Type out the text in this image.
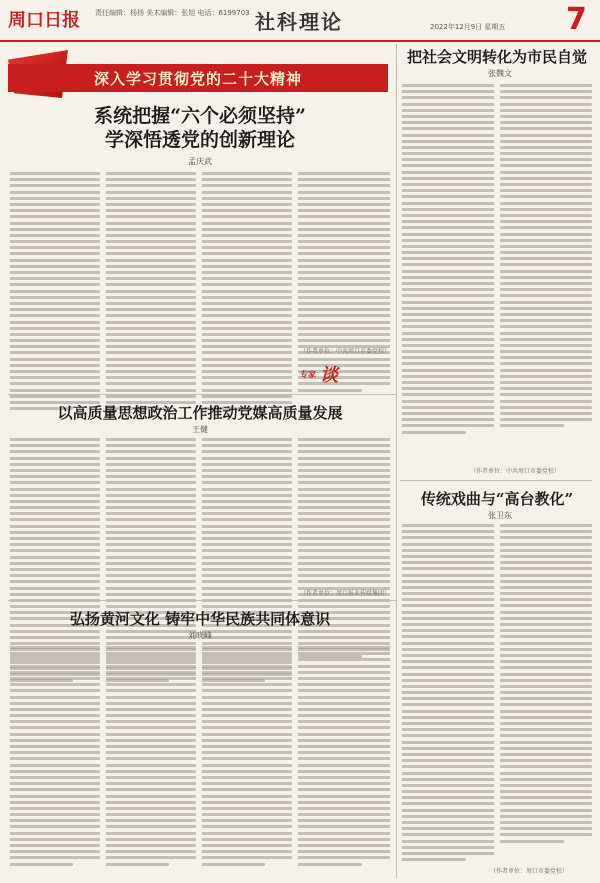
周口日报 责任编辑：杨扬 美术编辑：张旭 电话：6199703 社科理论	2022年12月9日 星期五 7
深入学习贯彻党的二十大精神
系统把握“六个必须坚持”
学深悟透党的创新理论
孟庆武
（作者单位：中共周口市委党校）
专家 谈
把社会文明转化为市民自觉
张魏文
（作者单位：中共周口市委党校）
以高质量思想政治工作推动党媒高质量发展
王健
（作者单位：周口报业传媒集团）
传统戏曲与“高台教化”
张卫东
（作者单位：周口市委党校）
弘扬黄河文化 铸牢中华民族共同体意识
刘晓峰
